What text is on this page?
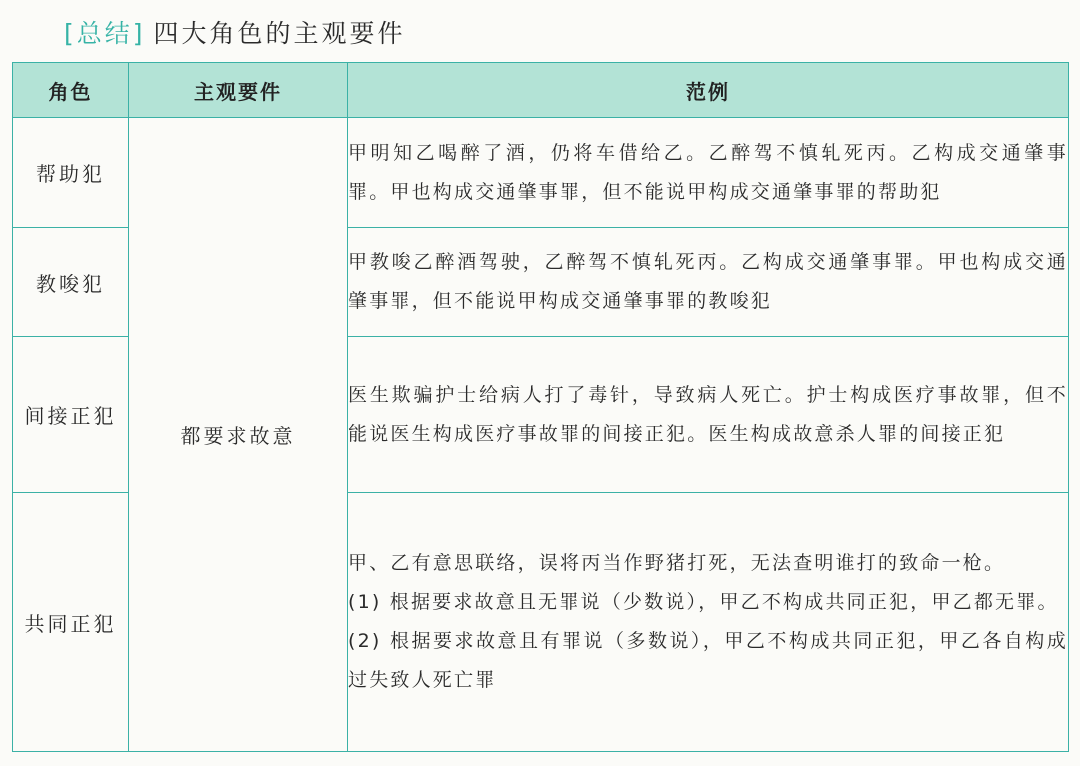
[总结] 四大角色的主观要件
角色	主观要件	范例
帮助犯	都要求故意	甲明知乙喝醉了酒，仍将车借给乙。乙醉驾不慎轧死丙。乙构成交通肇事罪。甲也构成交通肇事罪，但不能说甲构成交通肇事罪的帮助犯

教唆犯		甲教唆乙醉酒驾驶，乙醉驾不慎轧死丙。乙构成交通肇事罪。甲也构成交通肇事罪，但不能说甲构成交通肇事罪的教唆犯

间接正犯		医生欺骗护士给病人打了毒针，导致病人死亡。护士构成医疗事故罪，但不能说医生构成医疗事故罪的间接正犯。医生构成故意杀人罪的间接正犯

共同正犯		甲、乙有意思联络，误将丙当作野猪打死，无法查明谁打的致命一枪。

(1) 根据要求故意且无罪说（少数说），甲乙不构成共同正犯，甲乙都无罪。

(2) 根据要求故意且有罪说（多数说），甲乙不构成共同正犯，甲乙各自构成过失致人死亡罪
